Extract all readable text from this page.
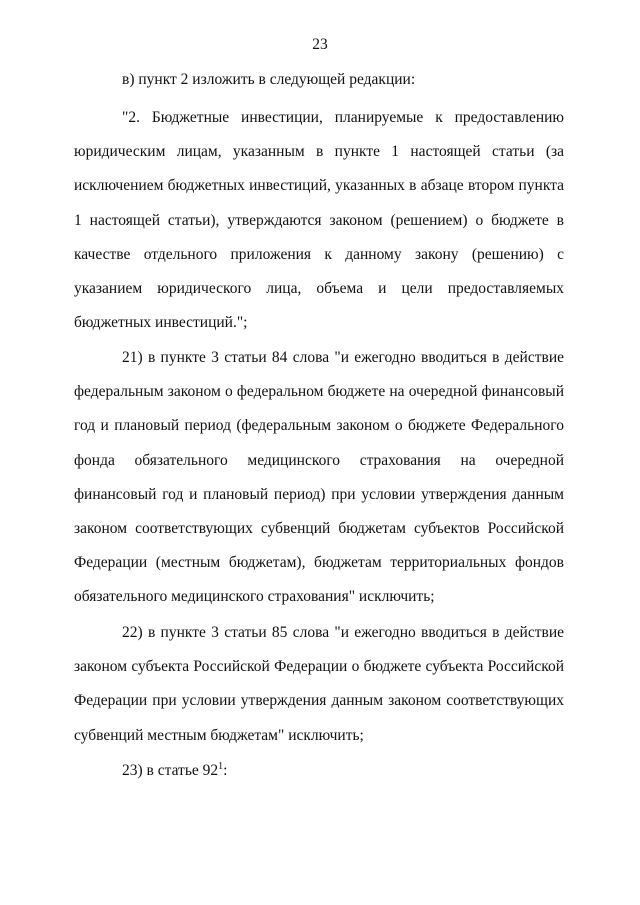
23

в) пункт 2 изложить в следующей редакции:

"2. Бюджетные инвестиции, планируемые к предоставлению юридическим лицам, указанным в пункте 1 настоящей статьи (за исключением бюджетных инвестиций, указанных в абзаце втором пункта 1 настоящей статьи), утверждаются законом (решением) о бюджете в качестве отдельного приложения к данному закону (решению) с указанием юридического лица, объема и цели предоставляемых бюджетных инвестиций.";

21) в пункте 3 статьи 84 слова "и ежегодно вводиться в действие федеральным законом о федеральном бюджете на очередной финансовый год и плановый период (федеральным законом о бюджете Федерального фонда обязательного медицинского страхования на очередной финансовый год и плановый период) при условии утверждения данным законом соответствующих субвенций бюджетам субъектов Российской Федерации (местным бюджетам), бюджетам территориальных фондов обязательного медицинского страхования" исключить;

22) в пункте 3 статьи 85 слова "и ежегодно вводиться в действие законом субъекта Российской Федерации о бюджете субъекта Российской Федерации при условии утверждения данным законом соответствующих субвенций местным бюджетам" исключить;

23) в статье $92^1$:
